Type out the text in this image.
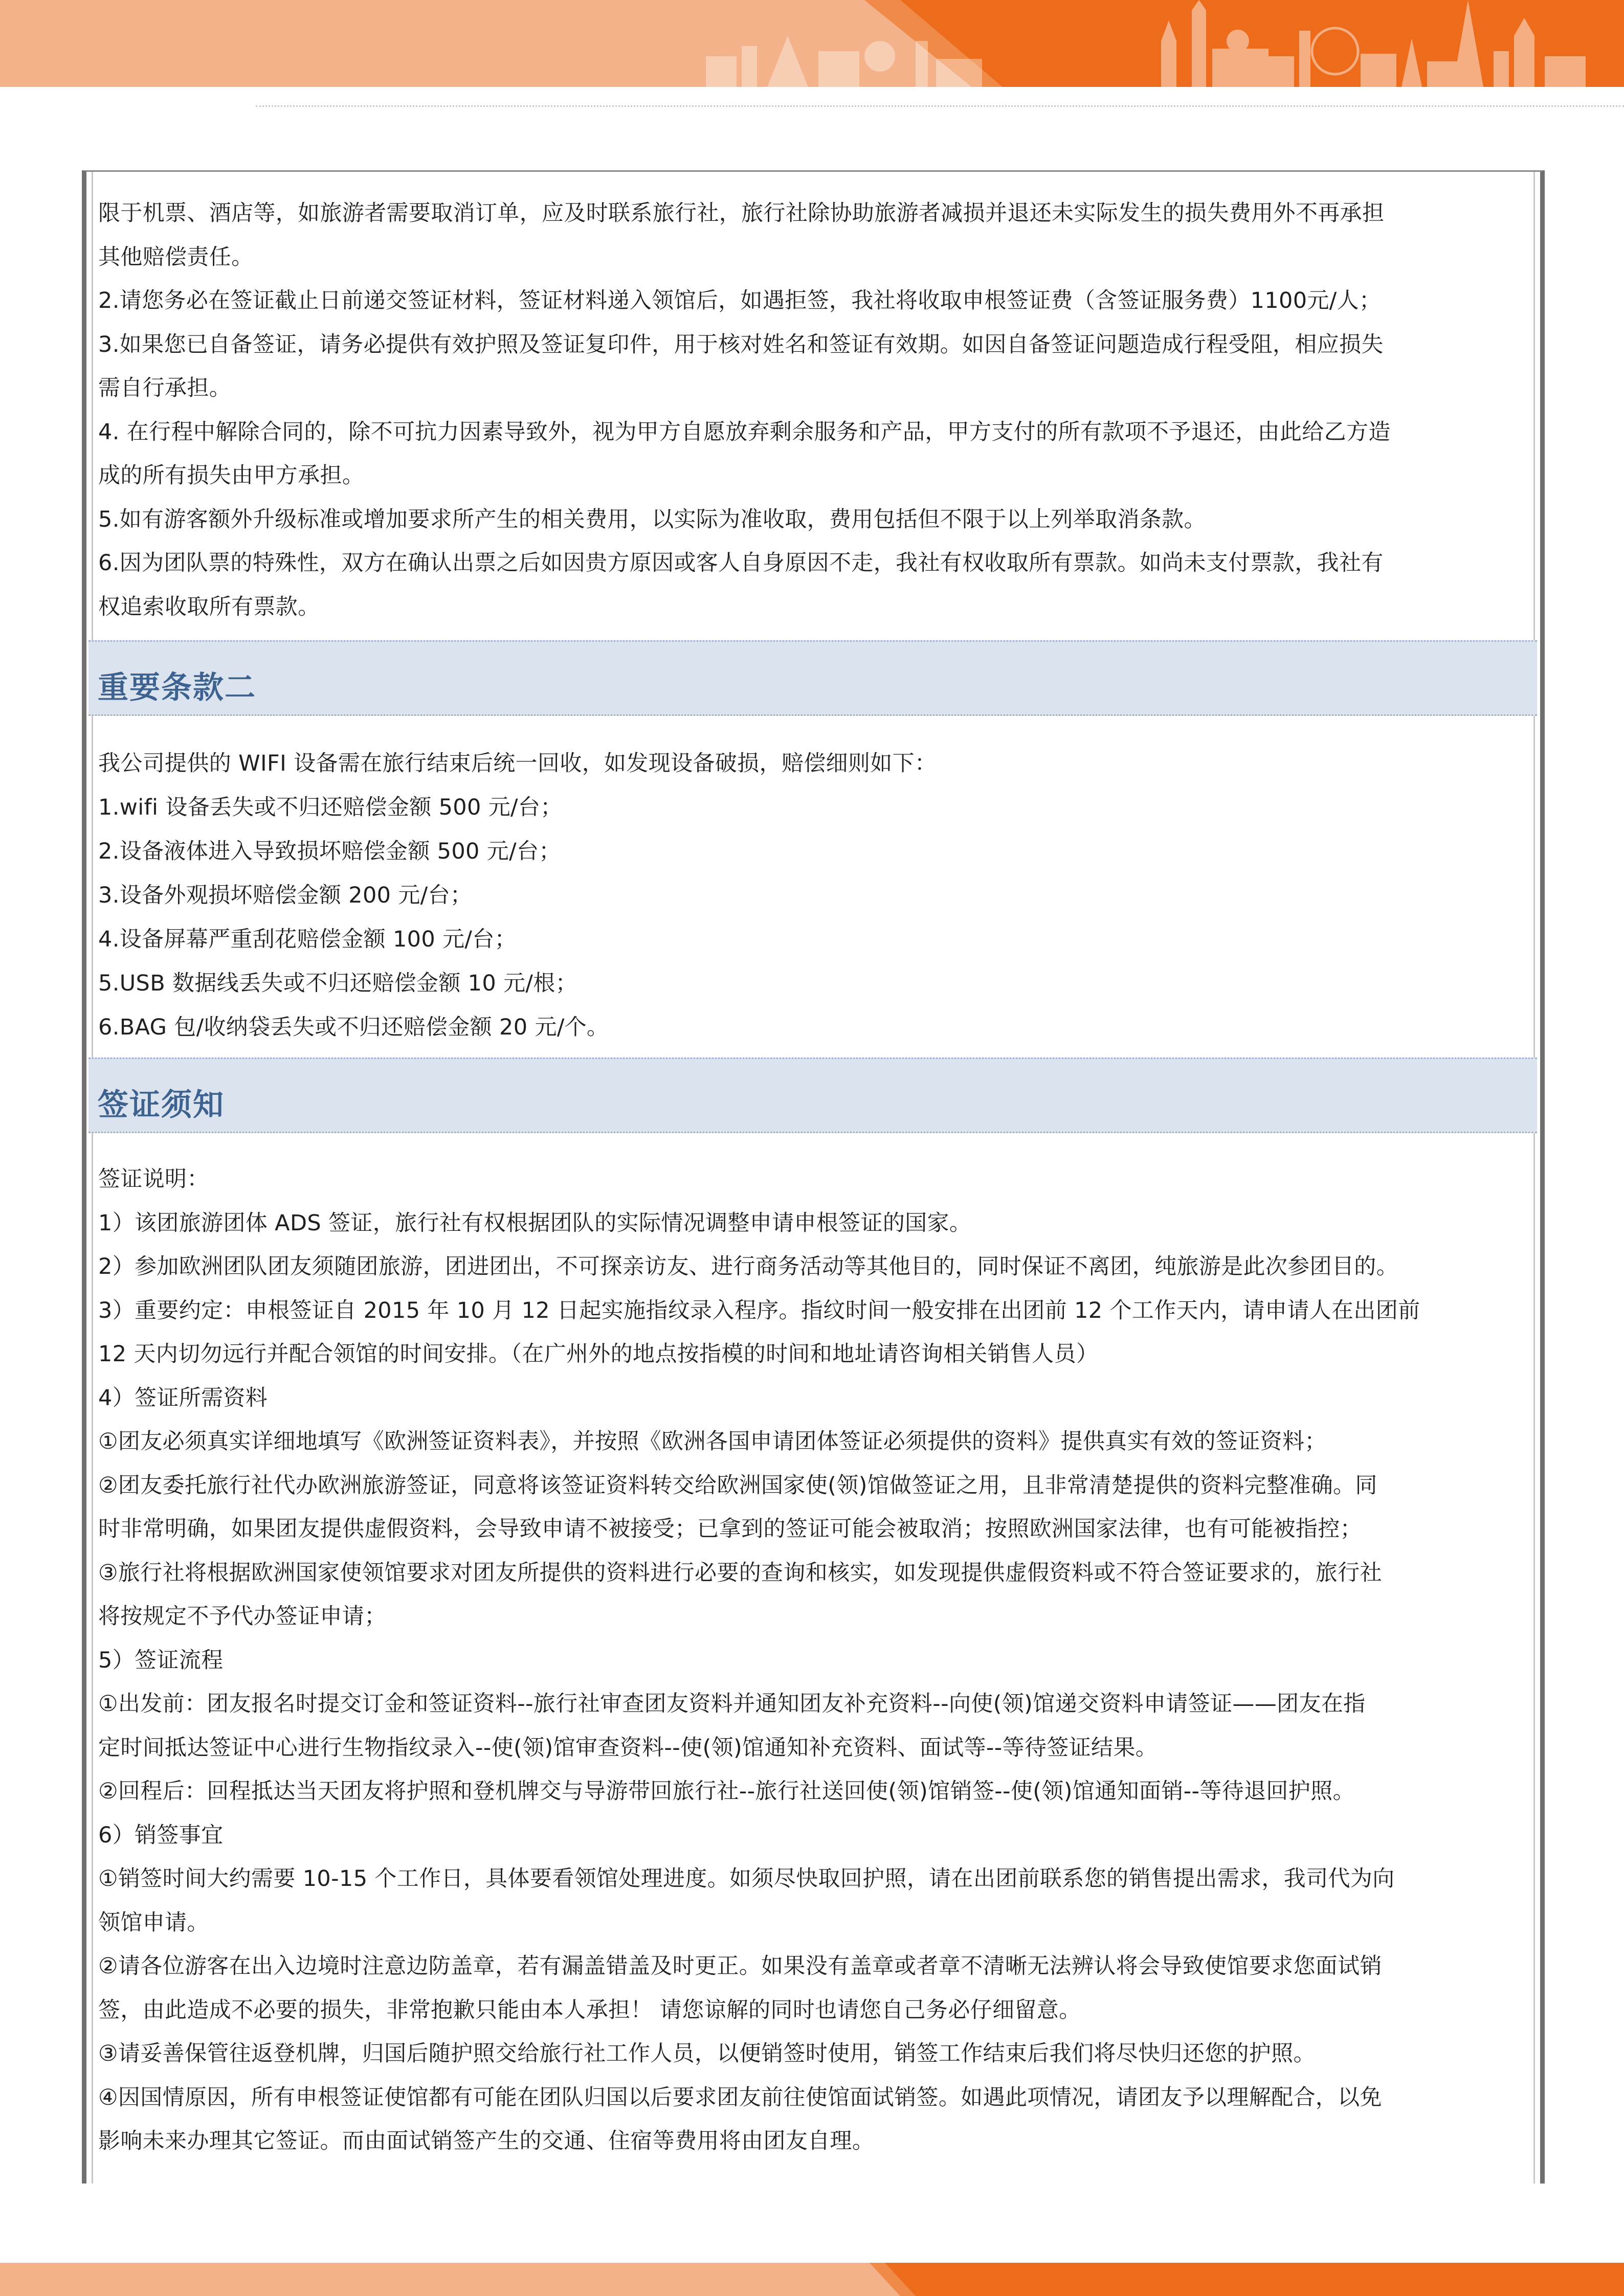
限于机票、酒店等，如旅游者需要取消订单，应及时联系旅行社，旅行社除协助旅游者减损并退还未实际发生的损失费用外不再承担
其他赔偿责任。
2.请您务必在签证截止日前递交签证材料，签证材料递入领馆后，如遇拒签，我社将收取申根签证费（含签证服务费）1100元/人；
3.如果您已自备签证，请务必提供有效护照及签证复印件，用于核对姓名和签证有效期。如因自备签证问题造成行程受阻，相应损失
需自行承担。
4. 在行程中解除合同的，除不可抗力因素导致外，视为甲方自愿放弃剩余服务和产品，甲方支付的所有款项不予退还，由此给乙方造
成的所有损失由甲方承担。
5.如有游客额外升级标准或增加要求所产生的相关费用，以实际为准收取，费用包括但不限于以上列举取消条款。
6.因为团队票的特殊性，双方在确认出票之后如因贵方原因或客人自身原因不走，我社有权收取所有票款。如尚未支付票款，我社有
权追索收取所有票款。
重要条款二
我公司提供的 WIFI 设备需在旅行结束后统一回收，如发现设备破损，赔偿细则如下：
1.wifi 设备丢失或不归还赔偿金额 500 元/台；
2.设备液体进入导致损坏赔偿金额 500 元/台；
3.设备外观损坏赔偿金额 200 元/台；
4.设备屏幕严重刮花赔偿金额 100 元/台；
5.USB 数据线丢失或不归还赔偿金额 10 元/根；
6.BAG 包/收纳袋丢失或不归还赔偿金额 20 元/个。
签证须知
签证说明：
1）该团旅游团体 ADS 签证，旅行社有权根据团队的实际情况调整申请申根签证的国家。
2）参加欧洲团队团友须随团旅游，团进团出，不可探亲访友、进行商务活动等其他目的，同时保证不离团，纯旅游是此次参团目的。
3）重要约定：申根签证自 2015 年 10 月 12 日起实施指纹录入程序。指纹时间一般安排在出团前 12 个工作天内，请申请人在出团前
12 天内切勿远行并配合领馆的时间安排。（在广州外的地点按指模的时间和地址请咨询相关销售人员）
4）签证所需资料
①团友必须真实详细地填写《欧洲签证资料表》，并按照《欧洲各国申请团体签证必须提供的资料》提供真实有效的签证资料；
②团友委托旅行社代办欧洲旅游签证，同意将该签证资料转交给欧洲国家使(领)馆做签证之用，且非常清楚提供的资料完整准确。同
时非常明确，如果团友提供虚假资料，会导致申请不被接受；已拿到的签证可能会被取消；按照欧洲国家法律，也有可能被指控；
③旅行社将根据欧洲国家使领馆要求对团友所提供的资料进行必要的查询和核实，如发现提供虚假资料或不符合签证要求的，旅行社
将按规定不予代办签证申请；
5）签证流程
①出发前：团友报名时提交订金和签证资料--旅行社审查团友资料并通知团友补充资料--向使(领)馆递交资料申请签证——团友在指
定时间抵达签证中心进行生物指纹录入--使(领)馆审查资料--使(领)馆通知补充资料、面试等--等待签证结果。
②回程后：回程抵达当天团友将护照和登机牌交与导游带回旅行社--旅行社送回使(领)馆销签--使(领)馆通知面销--等待退回护照。
6）销签事宜
①销签时间大约需要 10-15 个工作日，具体要看领馆处理进度。如须尽快取回护照，请在出团前联系您的销售提出需求，我司代为向
领馆申请。
②请各位游客在出入边境时注意边防盖章，若有漏盖错盖及时更正。如果没有盖章或者章不清晰无法辨认将会导致使馆要求您面试销
签，由此造成不必要的损失，非常抱歉只能由本人承担！ 请您谅解的同时也请您自己务必仔细留意。
③请妥善保管往返登机牌，归国后随护照交给旅行社工作人员，以便销签时使用，销签工作结束后我们将尽快归还您的护照。
④因国情原因，所有申根签证使馆都有可能在团队归国以后要求团友前往使馆面试销签。如遇此项情况，请团友予以理解配合，以免
影响未来办理其它签证。而由面试销签产生的交通、住宿等费用将由团友自理。
